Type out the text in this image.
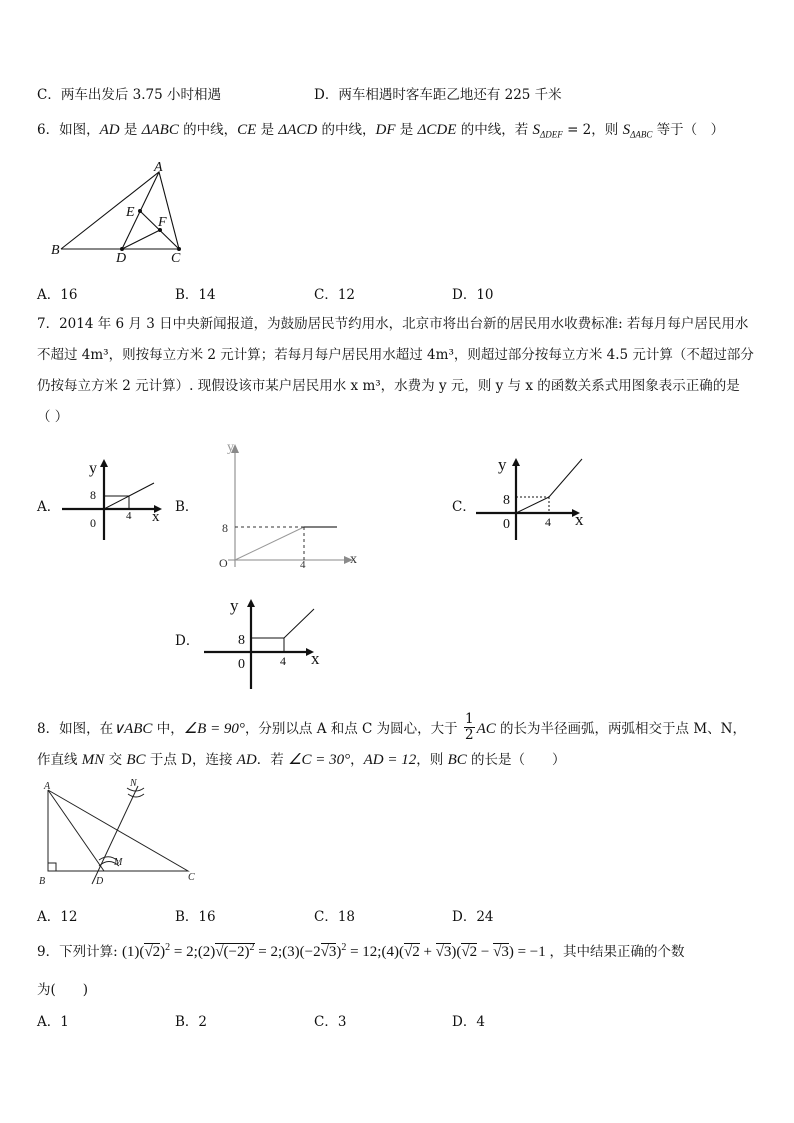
C．两车出发后 3.75 小时相遇	D．两车相遇时客车距乙地还有 225 千米
6．如图，AD 是 ΔABC 的中线，CE 是 ΔACD 的中线，DF 是 ΔCDE 的中线，若 $S_{\Delta DEF} = 2$，则 $S_{\Delta ABC}$ 等于（　）
A
B
C
D
E
F
A．16	B．14	C．12	D．10
7．2014 年 6 月 3 日中央新闻报道，为鼓励居民节约用水，北京市将出台新的居民用水收费标准: 若每月每户居民用水
不超过 4m³，则按每立方米 2 元计算；若每月每户居民用水超过 4m³，则超过部分按每立方米 4.5 元计算（不超过部分
仍按每立方米 2 元计算）. 现假设该市某户居民用水 x m³，水费为 y 元，则 y 与 x 的函数关系式用图象表示正确的是
（ ）
A．	B．	C．
D．
y
8
0	4 x
y
8
O	4	x
y
8
0	4 x
y
8
0	4 x
8．如图，在∨ABC 中，∠B = 90°，分别以点 A 和点 C 为圆心，大于 $\frac{1}{2}$ AC 的长为半径画弧，两弧相交于点 M、N，
作直线 MN 交 BC 于点 D，连接 AD．若 ∠C = 30°，AD = 12，则 BC 的长是（　　）
A
B	C
D
M
N
A．12	B．16	C．18	D．24
9．下列计算: $(1)(√2)^2$ = $2;(2)√(-2)^2$ = $2;(3)(-2√3)^2$ = 12;(4)(√2 + √3)(√2 − √3) = −1 ，其中结果正确的个数
为(　　)
A．1	B．2	C．3	D．4
